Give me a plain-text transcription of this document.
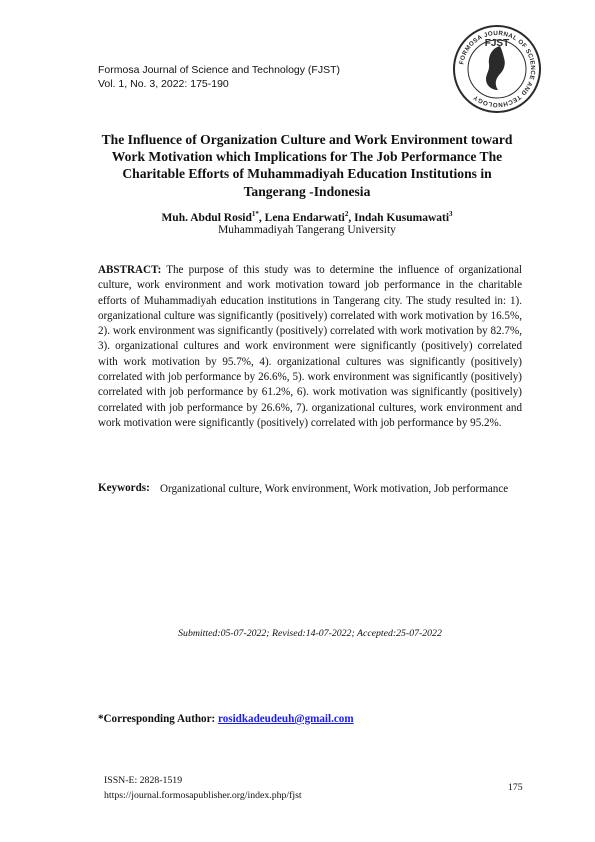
Formosa Journal of Science and Technology (FJST)
Vol. 1, No. 3, 2022: 175-190
FORMOSA JOURNAL OF SCIENCE AND TECHNOLOGY
FJST
The Influence of Organization Culture and Work Environment toward Work Motivation which Implications for The Job Performance The Charitable Efforts of Muhammadiyah Education Institutions in Tangerang -Indonesia
Muh. Abdul Rosid$^{1*}$, Lena Endarwati$^2$, Indah Kusumawati$^3$
Muhammadiyah Tangerang University
ABSTRACT: The purpose of this study was to determine the influence of organizational culture, work environment and work motivation toward job performance in the charitable efforts of Muhammadiyah education institutions in Tangerang city. The study resulted in: 1). organizational culture was significantly (positively) correlated with work motivation by 16.5%, 2). work environment was significantly (positively) correlated with work motivation by 82.7%, 3). organizational cultures and work environment were significantly (positively) correlated with work motivation by 95.7%, 4). organizational cultures was significantly (positively) correlated with job performance by 26.6%, 5). work environment was significantly (positively) correlated with job performance by 61.2%, 6). work motivation was significantly (positively) correlated with job performance by 26.6%, 7). organizational cultures, work environment and work motivation were significantly (positively) correlated with job performance by 95.2%.
Keywords: Organizational culture, Work environment, Work motivation, Job performance
Submitted:05-07-2022; Revised:14-07-2022; Accepted:25-07-2022
*Corresponding Author: rosidkadeudeuh@gmail.com
ISSN-E: 2828-1519
https://journal.formosapublisher.org/index.php/fjst
175
